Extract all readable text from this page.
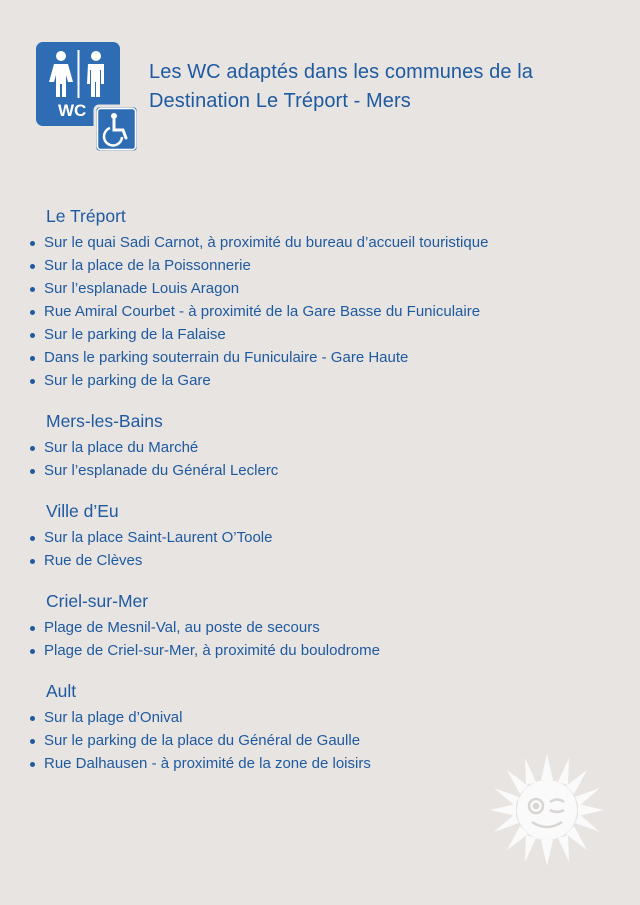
WC
Les WC adaptés dans les communes de la
Destination Le Tréport - Mers
Le Tréport
Sur le quai Sadi Carnot, à proximité du bureau d’accueil touristique
Sur la place de la Poissonnerie
Sur l’esplanade Louis Aragon
Rue Amiral Courbet - à proximité de la Gare Basse du Funiculaire
Sur le parking de la Falaise
Dans le parking souterrain du Funiculaire - Gare Haute
Sur le parking de la Gare
Mers-les-Bains
Sur la place du Marché
Sur l’esplanade du Général Leclerc
Ville d’Eu
Sur la place Saint-Laurent O’Toole
Rue de Clèves
Criel-sur-Mer
Plage de Mesnil-Val, au poste de secours
Plage de Criel-sur-Mer, à proximité du boulodrome
Ault
Sur la plage d’Onival
Sur le parking de la place du Général de Gaulle
Rue Dalhausen - à proximité de la zone de loisirs
